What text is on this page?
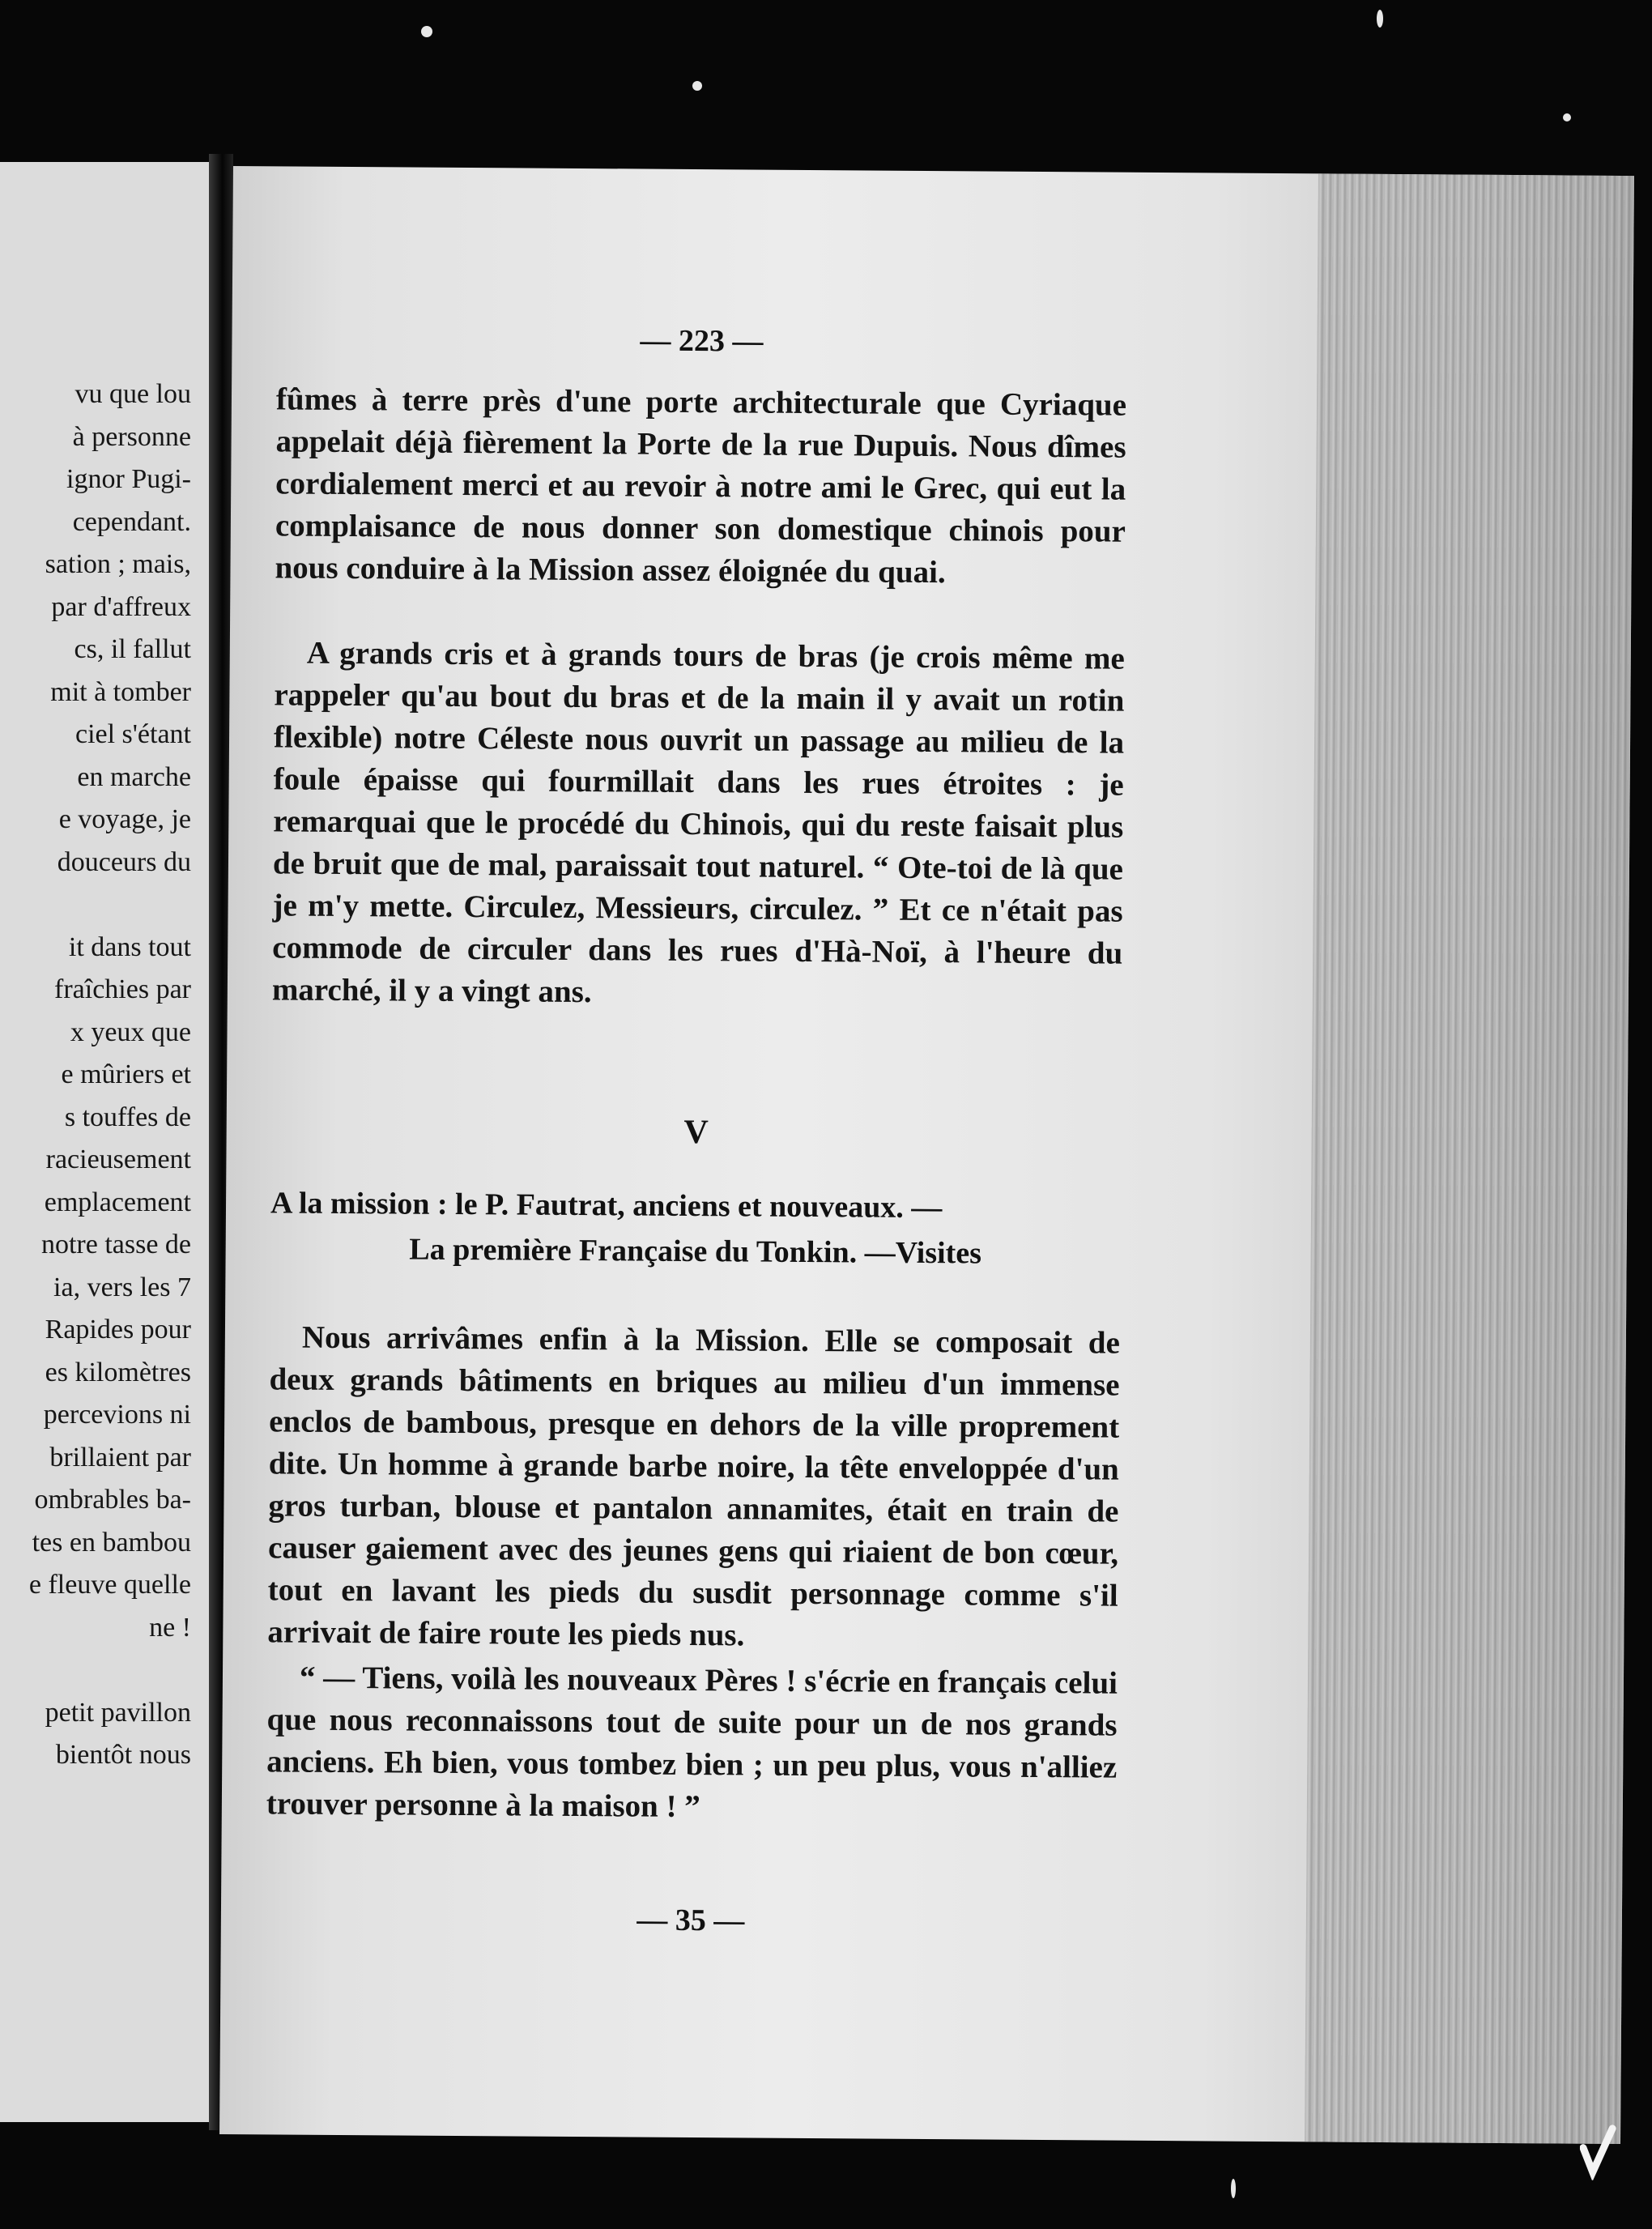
vu que lou
à personne
ignor Pugi-
cependant.
sation ; mais,
par d'affreux
cs, il fallut
mit à tomber
ciel s'étant
en marche
e voyage, je
douceurs du
it dans tout
fraîchies par
x yeux que
e mûriers et
s touffes de
racieusement
emplacement
notre tasse de
ia, vers les 7
Rapides pour
es kilomètres
percevions ni
brillaient par
ombrables ba-
tes en bambou
e fleuve quelle
ne !
petit pavillon
bientôt nous
— 223 —
fûmes à terre près d'une porte architecturale que Cyriaque appelait déjà fièrement la Porte de la rue Dupuis. Nous dîmes cordialement merci et au revoir à notre ami le Grec, qui eut la complaisance de nous donner son domestique chinois pour nous conduire à la Mission assez éloignée du quai.
A grands cris et à grands tours de bras (je crois même me rappeler qu'au bout du bras et de la main il y avait un rotin flexible) notre Céleste nous ouvrit un passage au milieu de la foule épaisse qui fourmillait dans les rues étroites : je remarquai que le procédé du Chinois, qui du reste faisait plus de bruit que de mal, paraissait tout naturel. “ Ote-toi de là que je m'y mette. Circulez, Messieurs, circulez. ” Et ce n'était pas commode de circuler dans les rues d'Hà-Noï, à l'heure du marché, il y a vingt ans.
V
A la mission : le P. Fautrat, anciens et nouveaux. —
La première Française du Tonkin. —Visites
Nous arrivâmes enfin à la Mission. Elle se composait de deux grands bâtiments en briques au milieu d'un immense enclos de bambous, presque en dehors de la ville proprement dite. Un homme à grande barbe noire, la tête enveloppée d'un gros turban, blouse et pantalon annamites, était en train de causer gaiement avec des jeunes gens qui riaient de bon cœur, tout en lavant les pieds du susdit personnage comme s'il arrivait de faire route les pieds nus.
“ — Tiens, voilà les nouveaux Pères ! s'écrie en français celui que nous reconnaissons tout de suite pour un de nos grands anciens. Eh bien, vous tombez bien ; un peu plus, vous n'alliez trouver personne à la maison ! ”
— 35 —
